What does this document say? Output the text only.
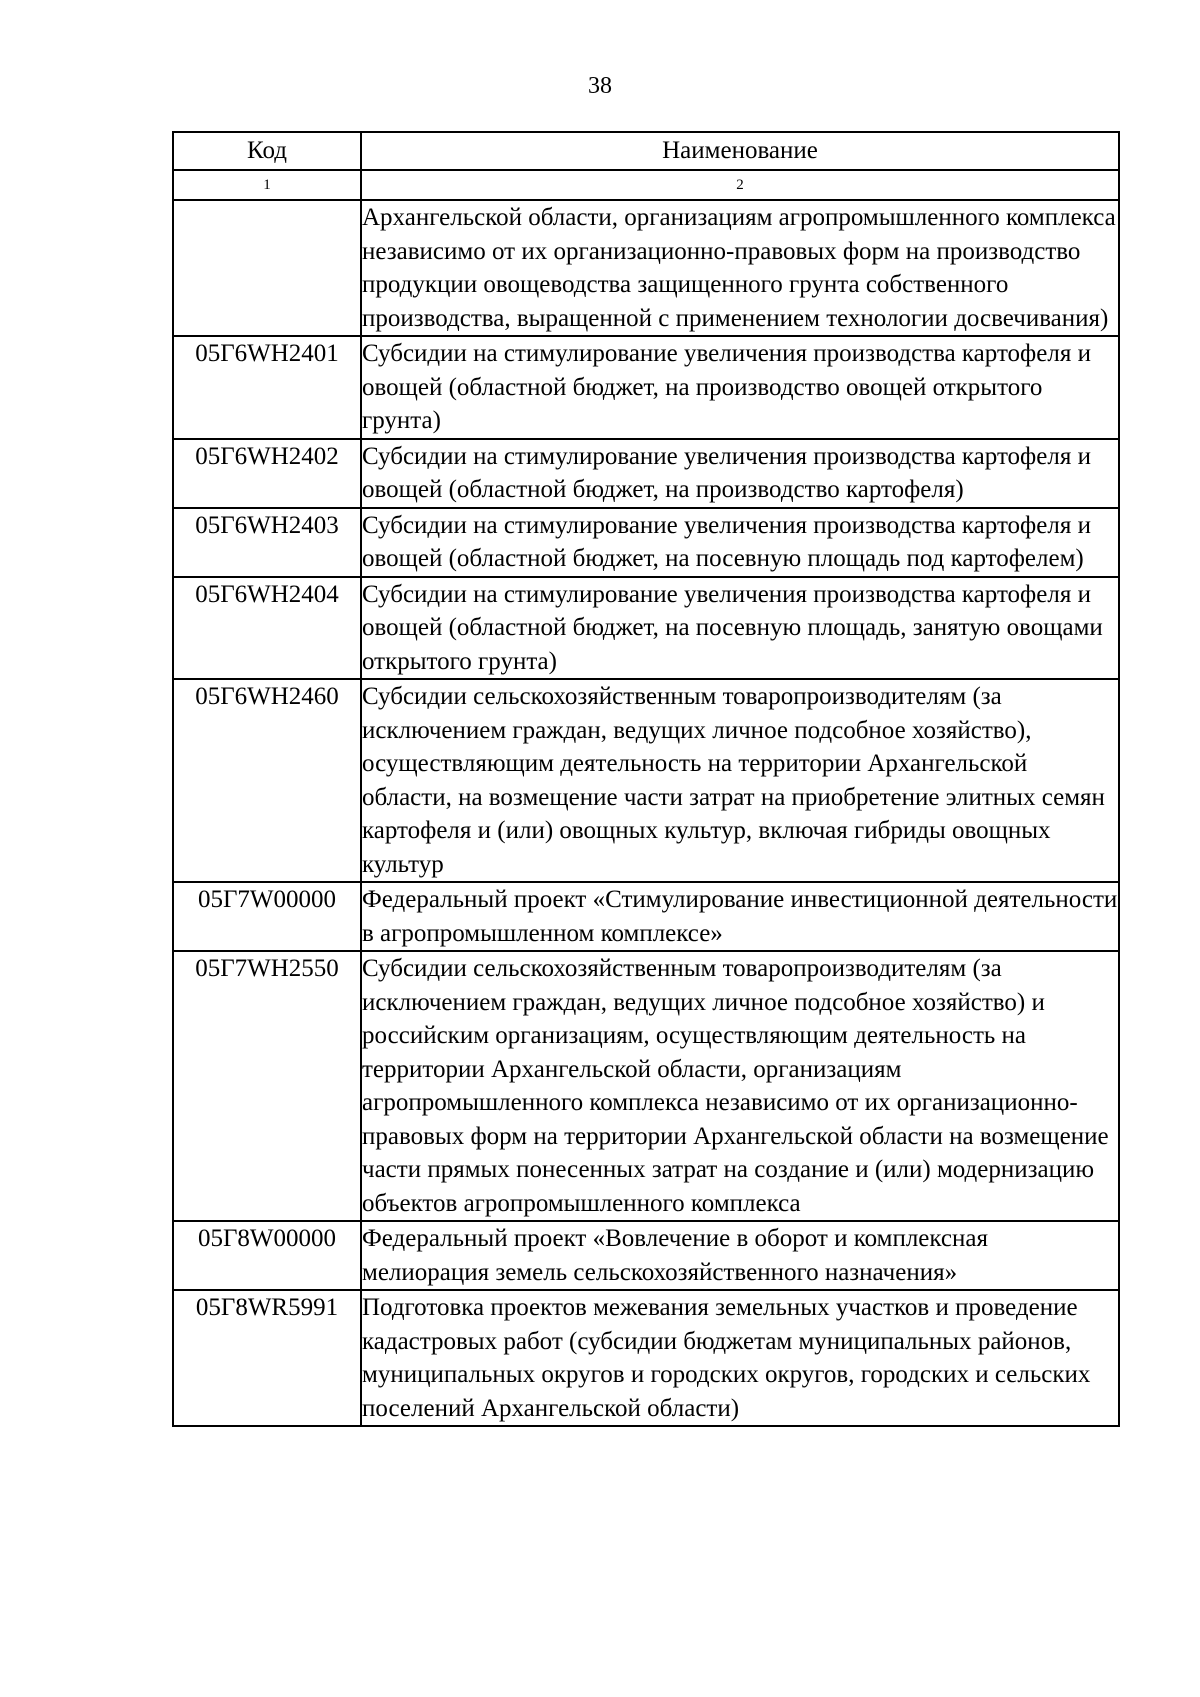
38
Код	Наименование
1	2
	Архангельской области, организациям агропромышленного комплекса независимо от их организационно-правовых форм на производство продукции овощеводства защищенного грунта собственного производства, выращенной с применением технологии досвечивания)
05Г6WН2401	Субсидии на стимулирование увеличения производства картофеля и овощей (областной бюджет, на производство овощей открытого грунта)
05Г6WН2402	Субсидии на стимулирование увеличения производства картофеля и овощей (областной бюджет, на производство картофеля)
05Г6WН2403	Субсидии на стимулирование увеличения производства картофеля и овощей (областной бюджет, на посевную площадь под картофелем)
05Г6WН2404	Субсидии на стимулирование увеличения производства картофеля и овощей (областной бюджет, на посевную площадь, занятую овощами открытого грунта)
05Г6WН2460	Субсидии сельскохозяйственным товаропроизводителям (за исключением граждан, ведущих личное подсобное хозяйство), осуществляющим деятельность на территории Архангельской области, на возмещение части затрат на приобретение элитных семян картофеля и (или) овощных культур, включая гибриды овощных культур
05Г7W00000	Федеральный проект «Стимулирование инвестиционной деятельности в агропромышленном комплексе»
05Г7WН2550	Субсидии сельскохозяйственным товаропроизводителям (за исключением граждан, ведущих личное подсобное хозяйство) и российским организациям, осуществляющим деятельность на территории Архангельской области, организациям агропромышленного комплекса независимо от их организационно-правовых форм на территории Архангельской области на возмещение части прямых понесенных затрат на создание и (или) модернизацию объектов агропромышленного комплекса
05Г8W00000	Федеральный проект «Вовлечение в оборот и комплексная мелиорация земель сельскохозяйственного назначения»
05Г8WR5991	Подготовка проектов межевания земельных участков и проведение кадастровых работ (субсидии бюджетам муниципальных районов, муниципальных округов и городских округов, городских и сельских поселений Архангельской области)
